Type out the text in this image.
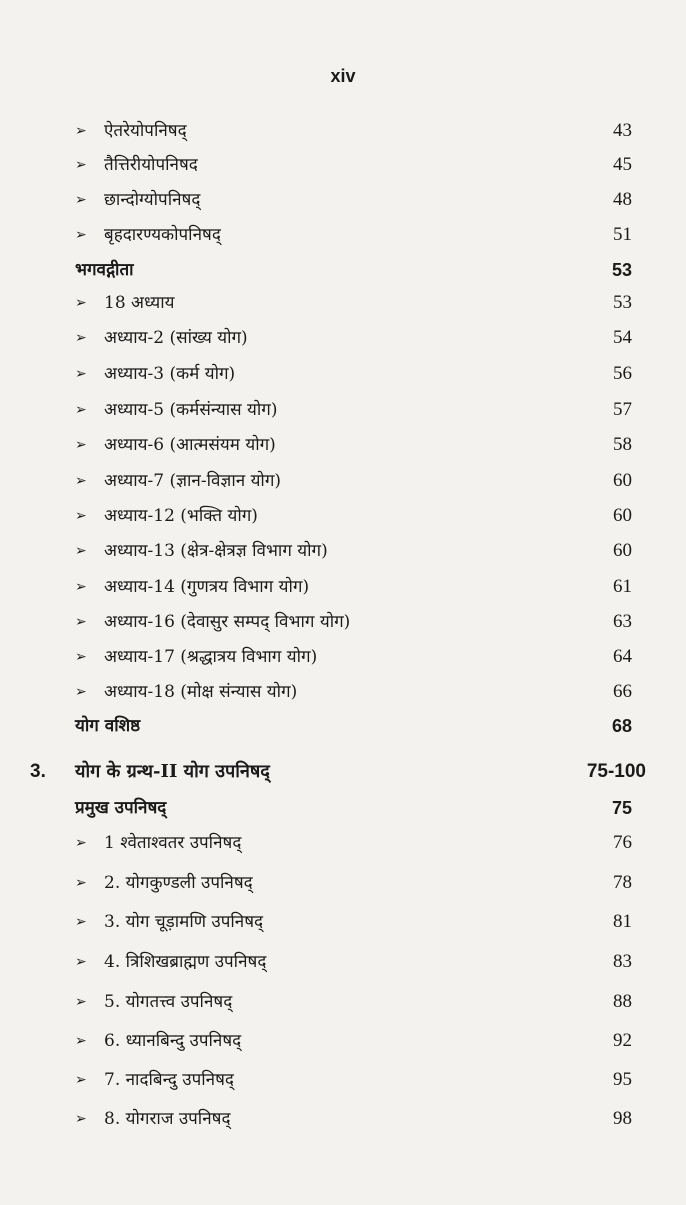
xiv
➢ ऐतरेयोपनिषद्	43
➢ तैत्तिरीयोपनिषद	45
➢ छान्दोग्योपनिषद्	48
➢ बृहदारण्यकोपनिषद्	51
भगवद्गीता	53
➢ 18 अध्याय	53
➢ अध्याय-2 (सांख्य योग)	54
➢ अध्याय-3 (कर्म योग)	56
➢ अध्याय-5 (कर्मसंन्यास योग)	57
➢ अध्याय-6 (आत्मसंयम योग)	58
➢ अध्याय-7 (ज्ञान-विज्ञान योग)	60
➢ अध्याय-12 (भक्ति योग)	60
➢ अध्याय-13 (क्षेत्र-क्षेत्रज्ञ विभाग योग)	60
➢ अध्याय-14 (गुणत्रय विभाग योग)	61
➢ अध्याय-16 (देवासुर सम्पद् विभाग योग)	63
➢ अध्याय-17 (श्रद्धात्रय विभाग योग)	64
➢ अध्याय-18 (मोक्ष संन्यास योग)	66
योग वशिष्ठ	68
3. योग के ग्रन्थ-II योग उपनिषद्	75-100
प्रमुख उपनिषद्	75
➢ 1 श्वेताश्वतर उपनिषद्	76
➢ 2. योगकुण्डली उपनिषद्	78
➢ 3. योग चूड़ामणि उपनिषद्	81
➢ 4. त्रिशिखब्राह्मण उपनिषद्	83
➢ 5. योगतत्त्व उपनिषद्	88
➢ 6. ध्यानबिन्दु उपनिषद्	92
➢ 7. नादबिन्दु उपनिषद्	95
➢ 8. योगराज उपनिषद्	98
